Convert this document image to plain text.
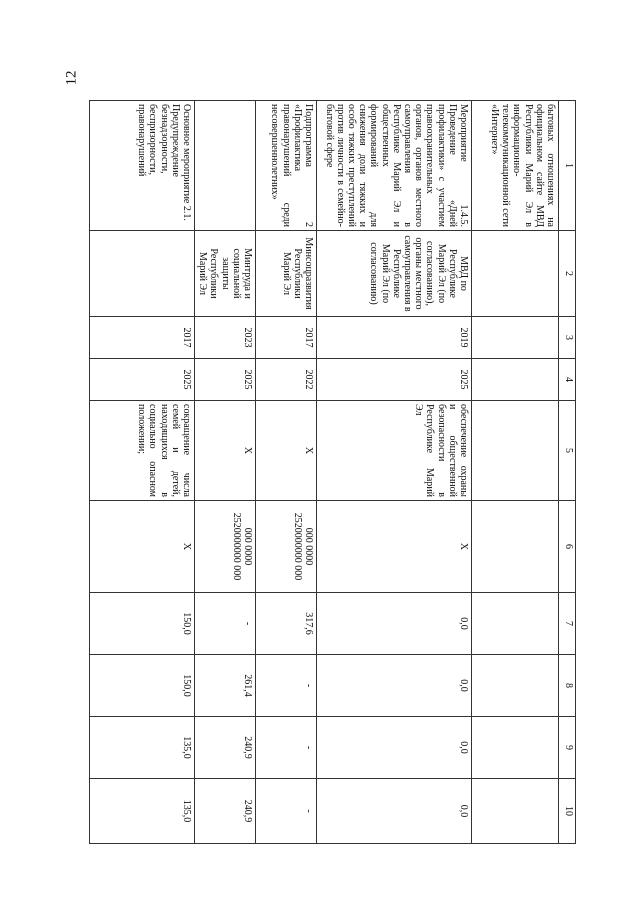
12
1	2	3	4	5	6	7	8	9	10
бытовых отношениях на официальном сайте МВД Республики Марий Эл в информационно-телекоммуникационной сети «Интернет»									
Мероприятие 1.4.5. Проведение «Дней профилактики» с участием правоохранительных органов, органов местного самоуправления в Республике Марий Эл и общественных формирований для снижения доли тяжких и особо тяжких преступлений против личности в семейно-бытовой сфере	МВД по Республике Марий Эл (по согласованию), органы местного самоуправления в Республике Марий Эл (по согласованию)	2019	2025	обеспечение охраны и общественной безопасности в Республике Марий Эл	Х	0,0	0,0	0,0	0,0
Подпрограмма 2 «Профилактика правонарушений среди несовершеннолетних»	Минсоцразвития Республики Марий Эл	2017	2022	Х	000 0000
2520000000 000	317,6	-	-	-
	Минтруда и социальной защиты Республики Марий Эл	2023	2025	Х	000 0000
2520000000 000	-	261,4	240,9	240,9
Основное мероприятие 2.1. Предупреждение безнадзорности, беспризорности, правонарушений		2017	2025	сокращение числа семей и детей, находящихся в социально опасном положении;	Х	150,0	150,0	135,0	135,0
